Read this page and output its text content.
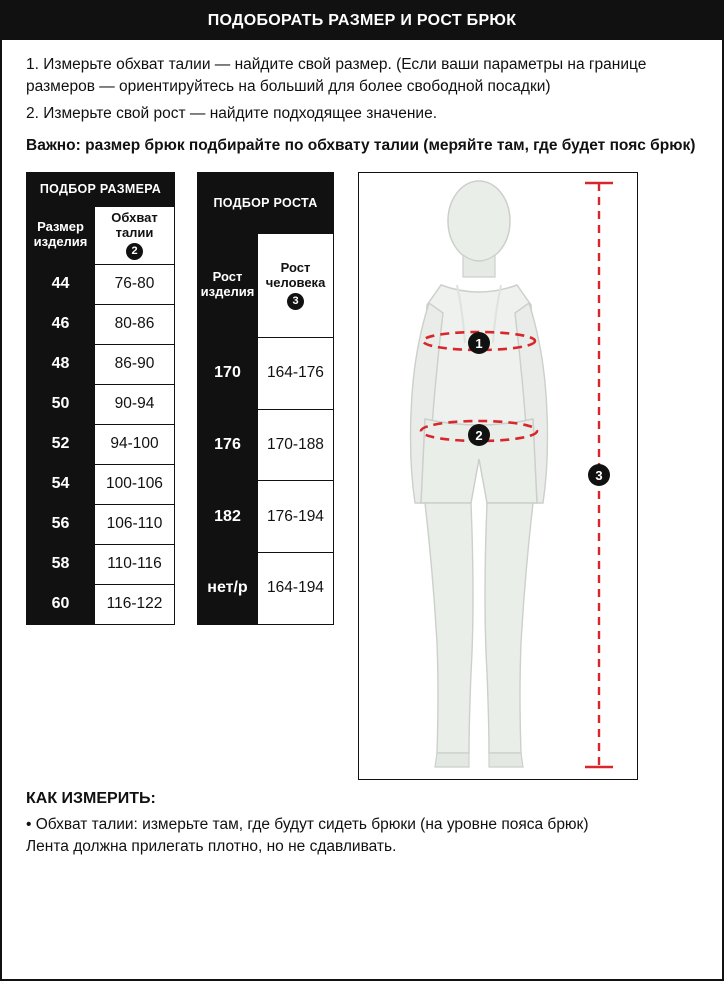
ПОДОБОРАТЬ РАЗМЕР И РОСТ БРЮК

1. Измерьте обхват талии — найдите свой размер. (Если ваши параметры на границе размеров — ориентируйтесь на больший для более свободной посадки)

2. Измерьте свой рост — найдите подходящее значение.

Важно: размер брюк подбирайте по обхвату талии (меряйте там, где будет пояс брюк)

ПОДБОР РАЗМЕРА	
Размер изделия	Обхват талии
2
44	76-80
46	80-86
48	86-90
50	90-94
52	94-100
54	100-106
56	106-110
58	110-116
60	116-122
ПОДБОР РОСТА	
Рост изделия	Рост человека
3
170	164-176
176	170-188
182	176-194
нет/р	164-194
1
2
3
КАК ИЗМЕРИТЬ:
• Обхват талии: измерьте там, где будут сидеть брюки (на уровне пояса брюк)
Лента должна прилегать плотно, но не сдавливать.
